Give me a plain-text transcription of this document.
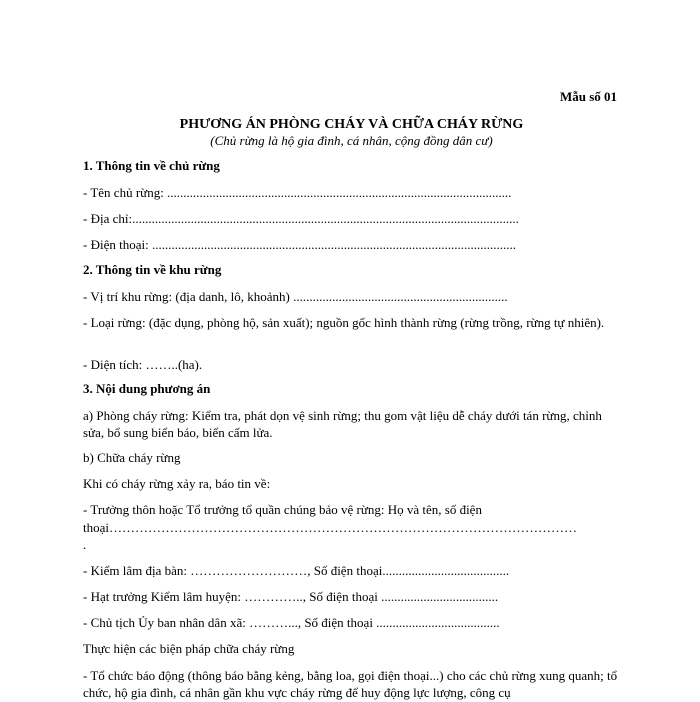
Mẫu số 01
PHƯƠNG ÁN PHÒNG CHÁY VÀ CHỮA CHÁY RỪNG
(Chủ rừng là hộ gia đình, cá nhân, cộng đồng dân cư)
1. Thông tin về chủ rừng
- Tên chủ rừng: ..........................................................................................................
- Địa chỉ:.......................................................................................................................
- Điện thoại: ................................................................................................................
2. Thông tin về khu rừng
- Vị trí khu rừng: (địa danh, lô, khoảnh) ..................................................................
- Loại rừng: (đặc dụng, phòng hộ, sản xuất); nguồn gốc hình thành rừng (rừng trồng, rừng tự nhiên).
- Diện tích: ……..(ha).
3. Nội dung phương án
a) Phòng cháy rừng: Kiểm tra, phát dọn vệ sinh rừng; thu gom vật liệu dễ cháy dưới tán rừng, chỉnh sửa, bổ sung biển báo, biển cấm lửa.
b) Chữa cháy rừng
Khi có cháy rừng xảy ra, báo tin về:
- Trưởng thôn hoặc Tổ trưởng tổ quần chúng bảo vệ rừng: Họ và tên, số điện
thoại………………………………………………………………………………………………
.
- Kiểm lâm địa bàn: ………………………, Số điện thoại.......................................
- Hạt trưởng Kiểm lâm huyện: ………….., Số điện thoại ....................................
- Chủ tịch Ủy ban nhân dân xã: ………..., Số điện thoại ......................................
Thực hiện các biện pháp chữa cháy rừng
- Tổ chức báo động (thông báo bằng kẻng, bằng loa, gọi điện thoại...) cho các chủ rừng xung quanh; tổ chức, hộ gia đình, cá nhân gần khu vực cháy rừng để huy động lực lượng, công cụ
